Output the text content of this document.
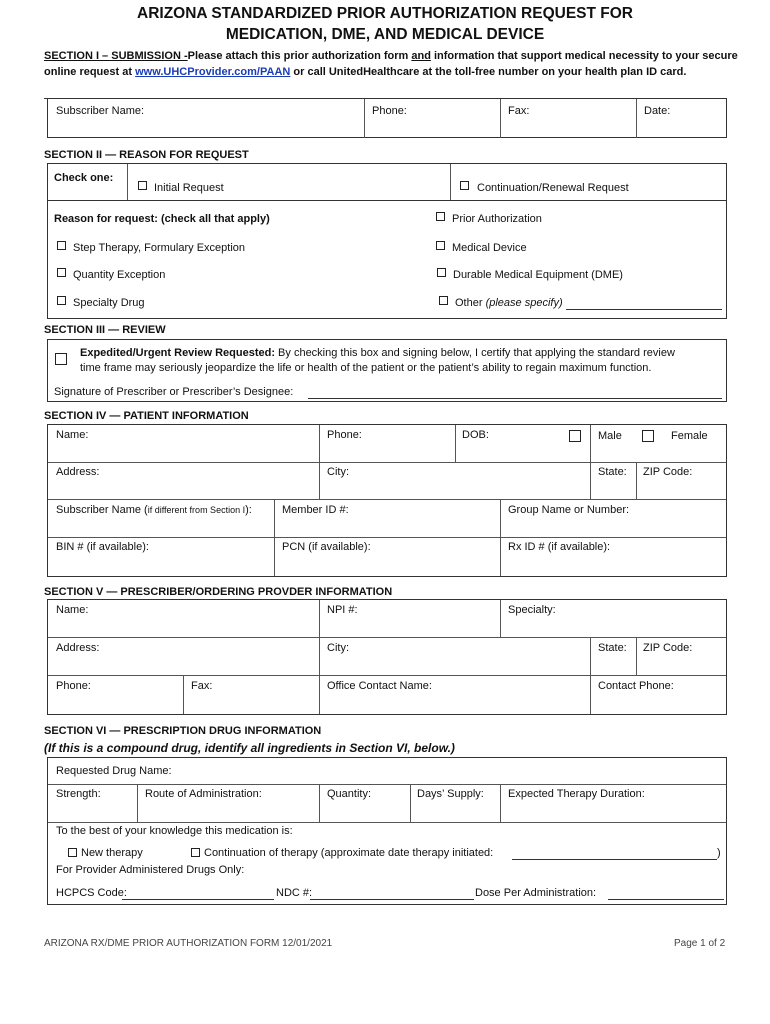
ARIZONA STANDARDIZED PRIOR AUTHORIZATION REQUEST FOR
MEDICATION, DME, AND MEDICAL DEVICE
SECTION I – SUBMISSION -Please attach this prior authorization form and information that support medical necessity to your secure
online request at www.UHCProvider.com/PAAN or call UnitedHealthcare at the toll-free number on your health plan ID card.
Subscriber Name:	Phone:	Fax:	Date:
SECTION II — REASON FOR REQUEST
Check one:
Initial Request	Continuation/Renewal Request
Reason for request: (check all that apply)	Prior Authorization
Step Therapy, Formulary Exception	Medical Device
Quantity Exception	Durable Medical Equipment (DME)
Specialty Drug	Other (please specify)
SECTION III — REVIEW
Expedited/Urgent Review Requested: By checking this box and signing below, I certify that applying the standard review
time frame may seriously jeopardize the life or health of the patient or the patient’s ability to regain maximum function.
Signature of Prescriber or Prescriber’s Designee:
SECTION IV — PATIENT INFORMATION
Name:	Phone:	DOB:	Male	Female
Address:	City:	State: ZIP Code:
Subscriber Name (if different from Section I):	Member ID #:	Group Name or Number:
BIN # (if available):	PCN (if available):	Rx ID # (if available):
SECTION V — PRESCRIBER/ORDERING PROVDER INFORMATION
Name:	NPI #:	Specialty:
Address:	City:	State: ZIP Code:
Phone:	Fax:	Office Contact Name:	Contact Phone:
SECTION VI — PRESCRIPTION DRUG INFORMATION
(If this is a compound drug, identify all ingredients in Section VI, below.)
Requested Drug Name:
Strength:	Route of Administration:	Quantity:	Days’ Supply: Expected Therapy Duration:
To the best of your knowledge this medication is:
New therapy	Continuation of therapy (approximate date therapy initiated:	)
For Provider Administered Drugs Only:
HCPCS Code:	NDC #:	Dose Per Administration:
ARIZONA RX/DME PRIOR AUTHORIZATION FORM 12/01/2021	Page 1 of 2
